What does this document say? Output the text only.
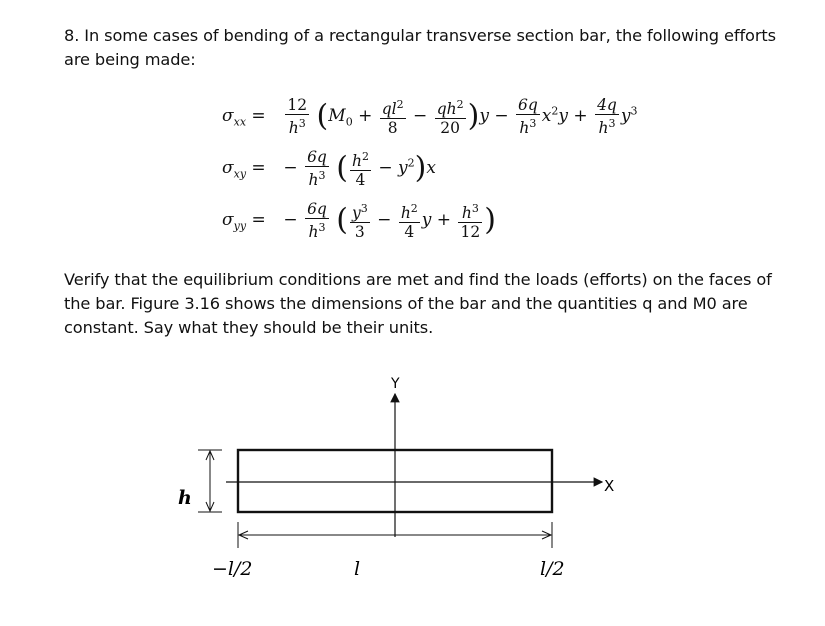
8. In some cases of bending of a rectangular transverse section bar, the following efforts are being made:
$\sigma_{xx} = \frac{12}{h^3} (M_0 + \frac{ql^2}{8} - \frac{qh^2}{20} )y - \frac{6q}{h^3} x^2y + \frac{4q}{h^3} y^3$
$\sigma_{xy}$ = − $\frac{6q}{h^3}$ ( $\frac{h^2}{4} - y^2)x$
$\sigma_{yy}$ = − $\frac{6q}{h^3}$ ( $\frac{y^3}{3} - \frac{h^2}{4}$ $y + \frac{h^3}{12}$ )
Verify that the equilibrium conditions are met and find the loads (efforts) on the faces of the bar. Figure 3.16 shows the dimensions of the bar and the quantities q and M0 are constant. Say what they should be their units.
Y
X
h
−l/2	l	l/2
